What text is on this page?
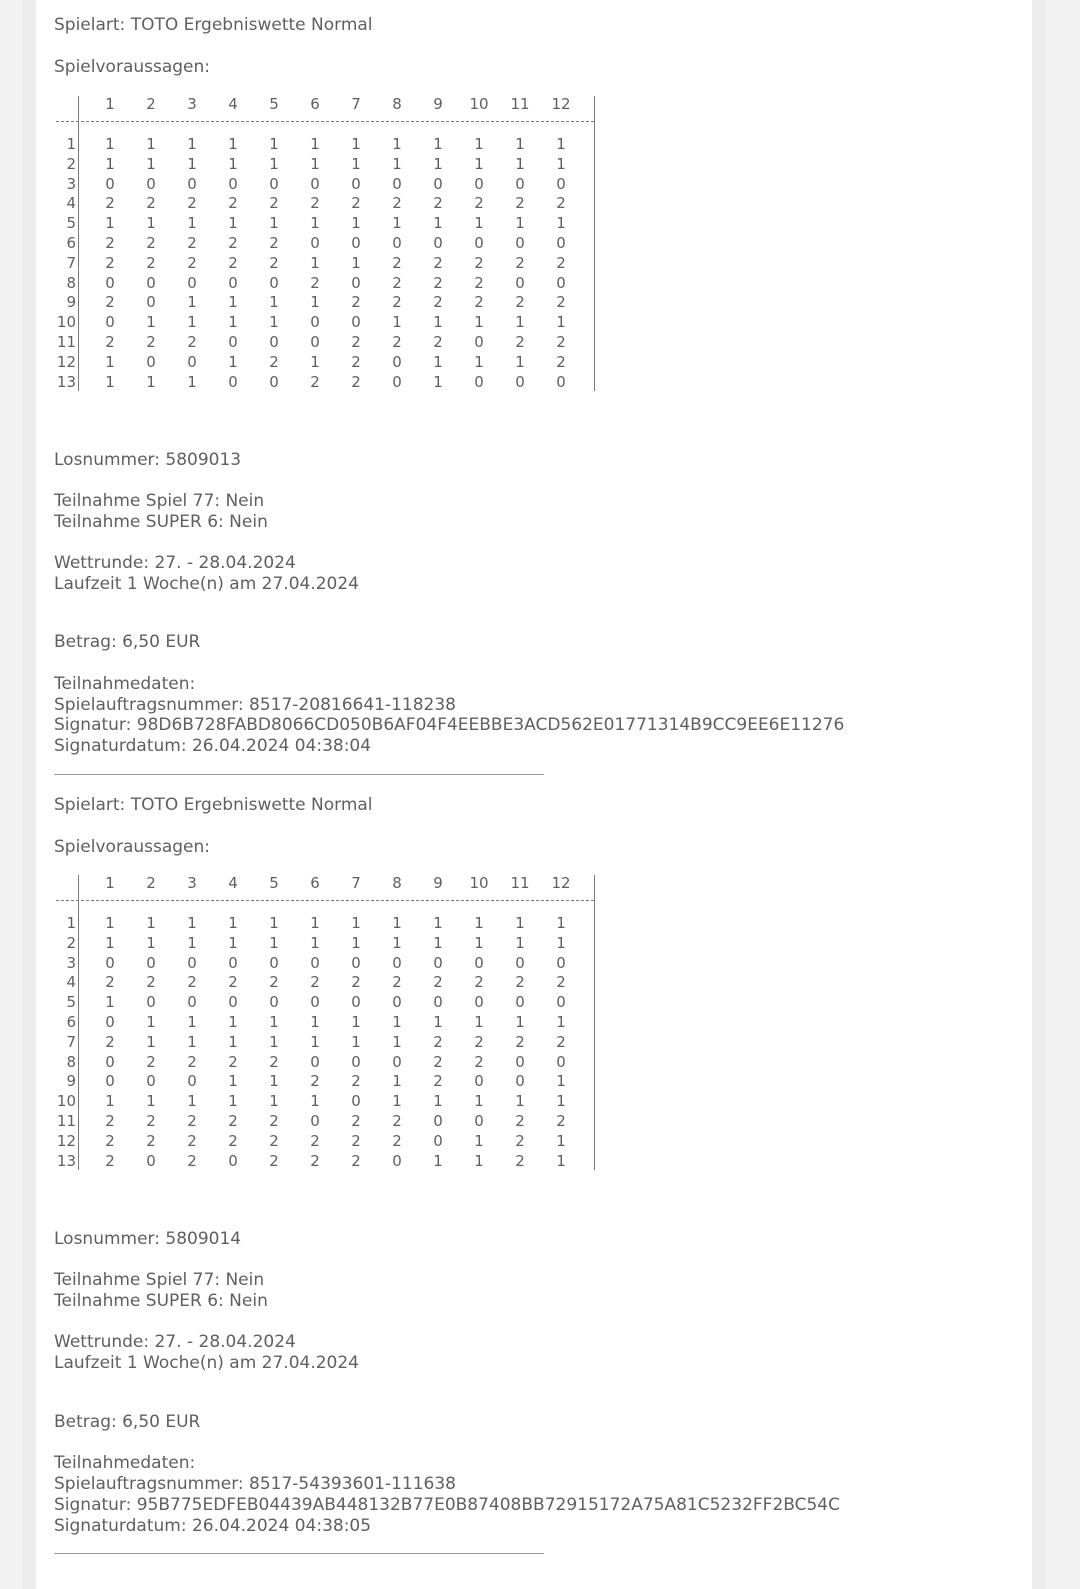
Spielart: TOTO Ergebniswette Normal
Spielvoraussagen:
1	2	3	4	5	6	7	8	9	10 11 12
1	1	1	1	1	1	1	1	1	1	1	1	1
2	1	1	1	1	1	1	1	1	1	1	1	1
3	0	0	0	0	0	0	0	0	0	0	0	0
4	2	2	2	2	2	2	2	2	2	2	2	2
5	1	1	1	1	1	1	1	1	1	1	1	1
6	2	2	2	2	2	0	0	0	0	0	0	0
7	2	2	2	2	2	1	1	2	2	2	2	2
8	0	0	0	0	0	2	0	2	2	2	0	0
9	2	0	1	1	1	1	2	2	2	2	2	2
10	0	1	1	1	1	0	0	1	1	1	1	1
11	2	2	2	0	0	0	2	2	2	0	2	2
12	1	0	0	1	2	1	2	0	1	1	1	2
13	1	1	1	0	0	2	2	0	1	0	0	0
Losnummer: 5809013
Teilnahme Spiel 77: Nein
Teilnahme SUPER 6: Nein
Wettrunde: 27. - 28.04.2024
Laufzeit 1 Woche(n) am 27.04.2024
Betrag: 6,50 EUR
Teilnahmedaten:
Spielauftragsnummer: 8517-20816641-118238
Signatur: 98D6B728FABD8066CD050B6AF04F4EEBBE3ACD562E01771314B9CC9EE6E11276
Signaturdatum: 26.04.2024 04:38:04
Spielart: TOTO Ergebniswette Normal
Spielvoraussagen:
1	2	3	4	5	6	7	8	9	10 11 12
1	1	1	1	1	1	1	1	1	1	1	1	1
2	1	1	1	1	1	1	1	1	1	1	1	1
3	0	0	0	0	0	0	0	0	0	0	0	0
4	2	2	2	2	2	2	2	2	2	2	2	2
5	1	0	0	0	0	0	0	0	0	0	0	0
6	0	1	1	1	1	1	1	1	1	1	1	1
7	2	1	1	1	1	1	1	1	2	2	2	2
8	0	2	2	2	2	0	0	0	2	2	0	0
9	0	0	0	1	1	2	2	1	2	0	0	1
10	1	1	1	1	1	1	0	1	1	1	1	1
11	2	2	2	2	2	0	2	2	0	0	2	2
12	2	2	2	2	2	2	2	2	0	1	2	1
13	2	0	2	0	2	2	2	0	1	1	2	1
Losnummer: 5809014
Teilnahme Spiel 77: Nein
Teilnahme SUPER 6: Nein
Wettrunde: 27. - 28.04.2024
Laufzeit 1 Woche(n) am 27.04.2024
Betrag: 6,50 EUR
Teilnahmedaten:
Spielauftragsnummer: 8517-54393601-111638
Signatur: 95B775EDFEB04439AB448132B77E0B87408BB72915172A75A81C5232FF2BC54C
Signaturdatum: 26.04.2024 04:38:05
